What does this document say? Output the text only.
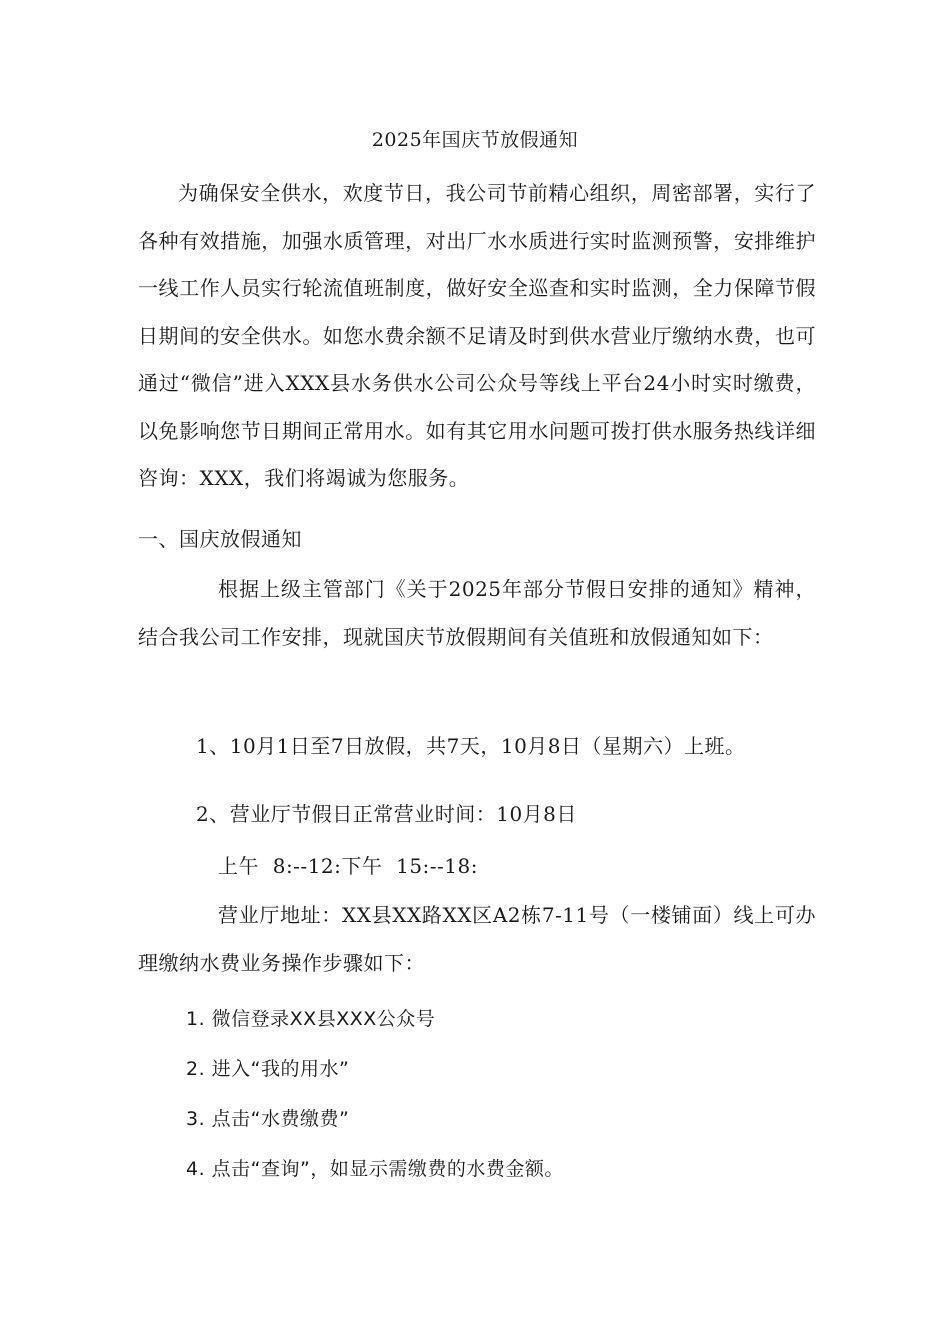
2025年国庆节放假通知

为确保安全供水，欢度节日，我公司节前精心组织，周密部署，实行了各种有效措施，加强水质管理，对出厂水水质进行实时监测预警，安排维护一线工作人员实行轮流值班制度，做好安全巡查和实时监测，全力保障节假日期间的安全供水。如您水费余额不足请及时到供水营业厅缴纳水费，也可通过“微信”进入XXX县水务供水公司公众号等线上平台24小时实时缴费，以免影响您节日期间正常用水。如有其它用水问题可拨打供水服务热线详细咨询：XXX，我们将竭诚为您服务。

一、国庆放假通知

根据上级主管部门《关于2025年部分节假日安排的通知》精神，结合我公司工作安排，现就国庆节放假期间有关值班和放假通知如下：

1、10月1日至7日放假，共7天，10月8日（星期六）上班。
2、营业厅节假日正常营业时间：10月8日
上午  8:--12:下午  15:--18:

营业厅地址：XX县XX路XX区A2栋7-11号（一楼铺面）线上可办理缴纳水费业务操作步骤如下：

1. 微信登录XX县XXX公众号
2. 进入“我的用水”
3. 点击“水费缴费”
4. 点击“查询”，如显示需缴费的水费金额。
